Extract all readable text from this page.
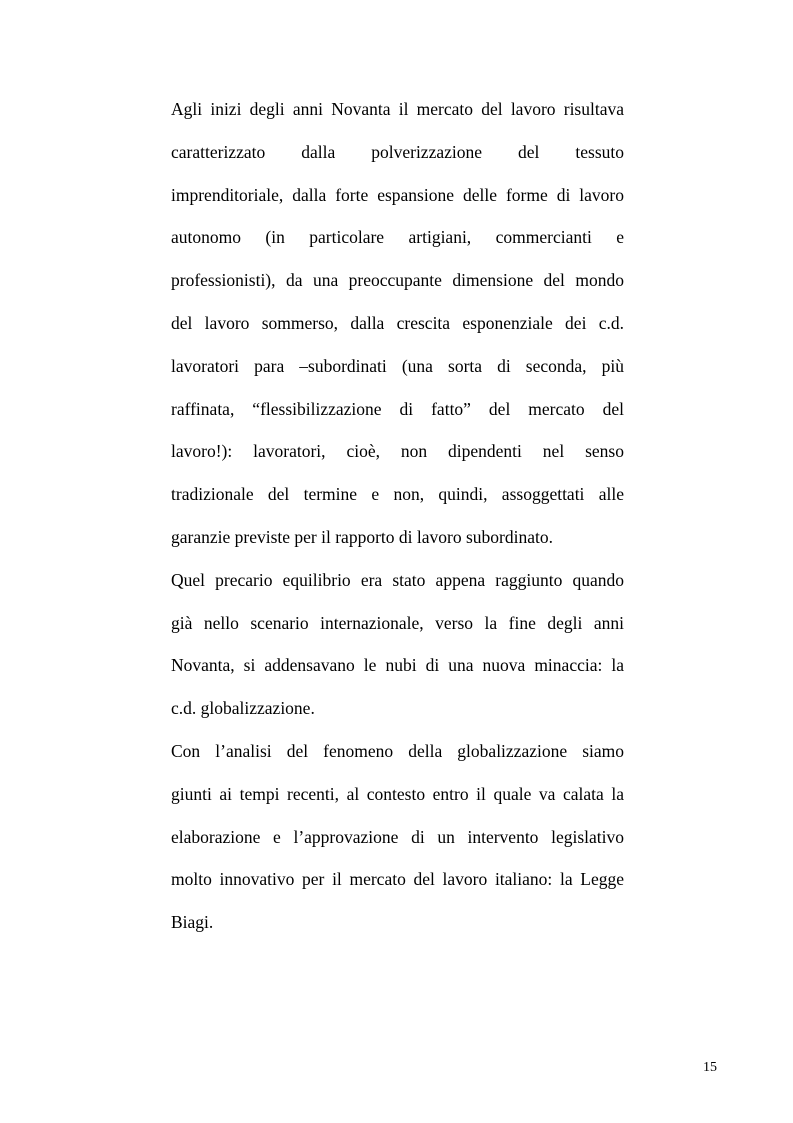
Agli inizi degli anni Novanta il mercato del lavoro risultava
caratterizzato dalla polverizzazione del tessuto
imprenditoriale, dalla forte espansione delle forme di lavoro
autonomo (in particolare artigiani, commercianti e
professionisti), da una preoccupante dimensione del mondo
del lavoro sommerso, dalla crescita esponenziale dei c.d.
lavoratori para –subordinati (una sorta di seconda, più
raffinata, “flessibilizzazione di fatto” del mercato del
lavoro!): lavoratori, cioè, non dipendenti nel senso
tradizionale del termine e non, quindi, assoggettati alle
garanzie previste per il rapporto di lavoro subordinato.

Quel precario equilibrio era stato appena raggiunto quando
già nello scenario internazionale, verso la fine degli anni
Novanta, si addensavano le nubi di una nuova minaccia: la
c.d. globalizzazione.

Con l’analisi del fenomeno della globalizzazione siamo
giunti ai tempi recenti, al contesto entro il quale va calata la
elaborazione e l’approvazione di un intervento legislativo
molto innovativo per il mercato del lavoro italiano: la Legge
Biagi.

15
